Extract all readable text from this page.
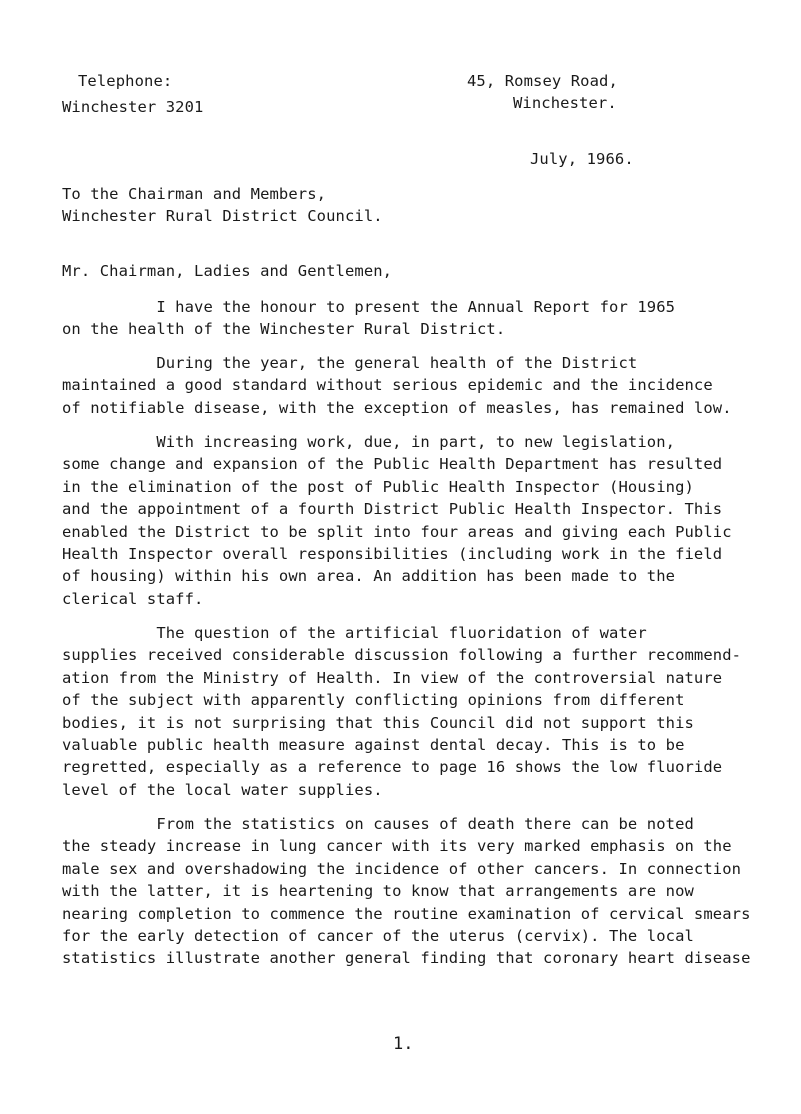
Telephone:
Winchester 3201
45, Romsey Road,
Winchester.
July, 1966.
To the Chairman and Members,
Winchester Rural District Council.
Mr. Chairman, Ladies and Gentlemen,
I have the honour to present the Annual Report for 1965
on the health of the Winchester Rural District.
During the year, the general health of the District
maintained a good standard without serious epidemic and the incidence
of notifiable disease, with the exception of measles, has remained low.
With increasing work, due, in part, to new legislation,
some change and expansion of the Public Health Department has resulted
in the elimination of the post of Public Health Inspector (Housing)
and the appointment of a fourth District Public Health Inspector. This
enabled the District to be split into four areas and giving each Public
Health Inspector overall responsibilities (including work in the field
of housing) within his own area. An addition has been made to the
clerical staff.
The question of the artificial fluoridation of water
supplies received considerable discussion following a further recommend-
ation from the Ministry of Health. In view of the controversial nature
of the subject with apparently conflicting opinions from different
bodies, it is not surprising that this Council did not support this
valuable public health measure against dental decay. This is to be
regretted, especially as a reference to page 16 shows the low fluoride
level of the local water supplies.
From the statistics on causes of death there can be noted
the steady increase in lung cancer with its very marked emphasis on the
male sex and overshadowing the incidence of other cancers. In connection
with the latter, it is heartening to know that arrangements are now
nearing completion to commence the routine examination of cervical smears
for the early detection of cancer of the uterus (cervix). The local
statistics illustrate another general finding that coronary heart disease
1.
